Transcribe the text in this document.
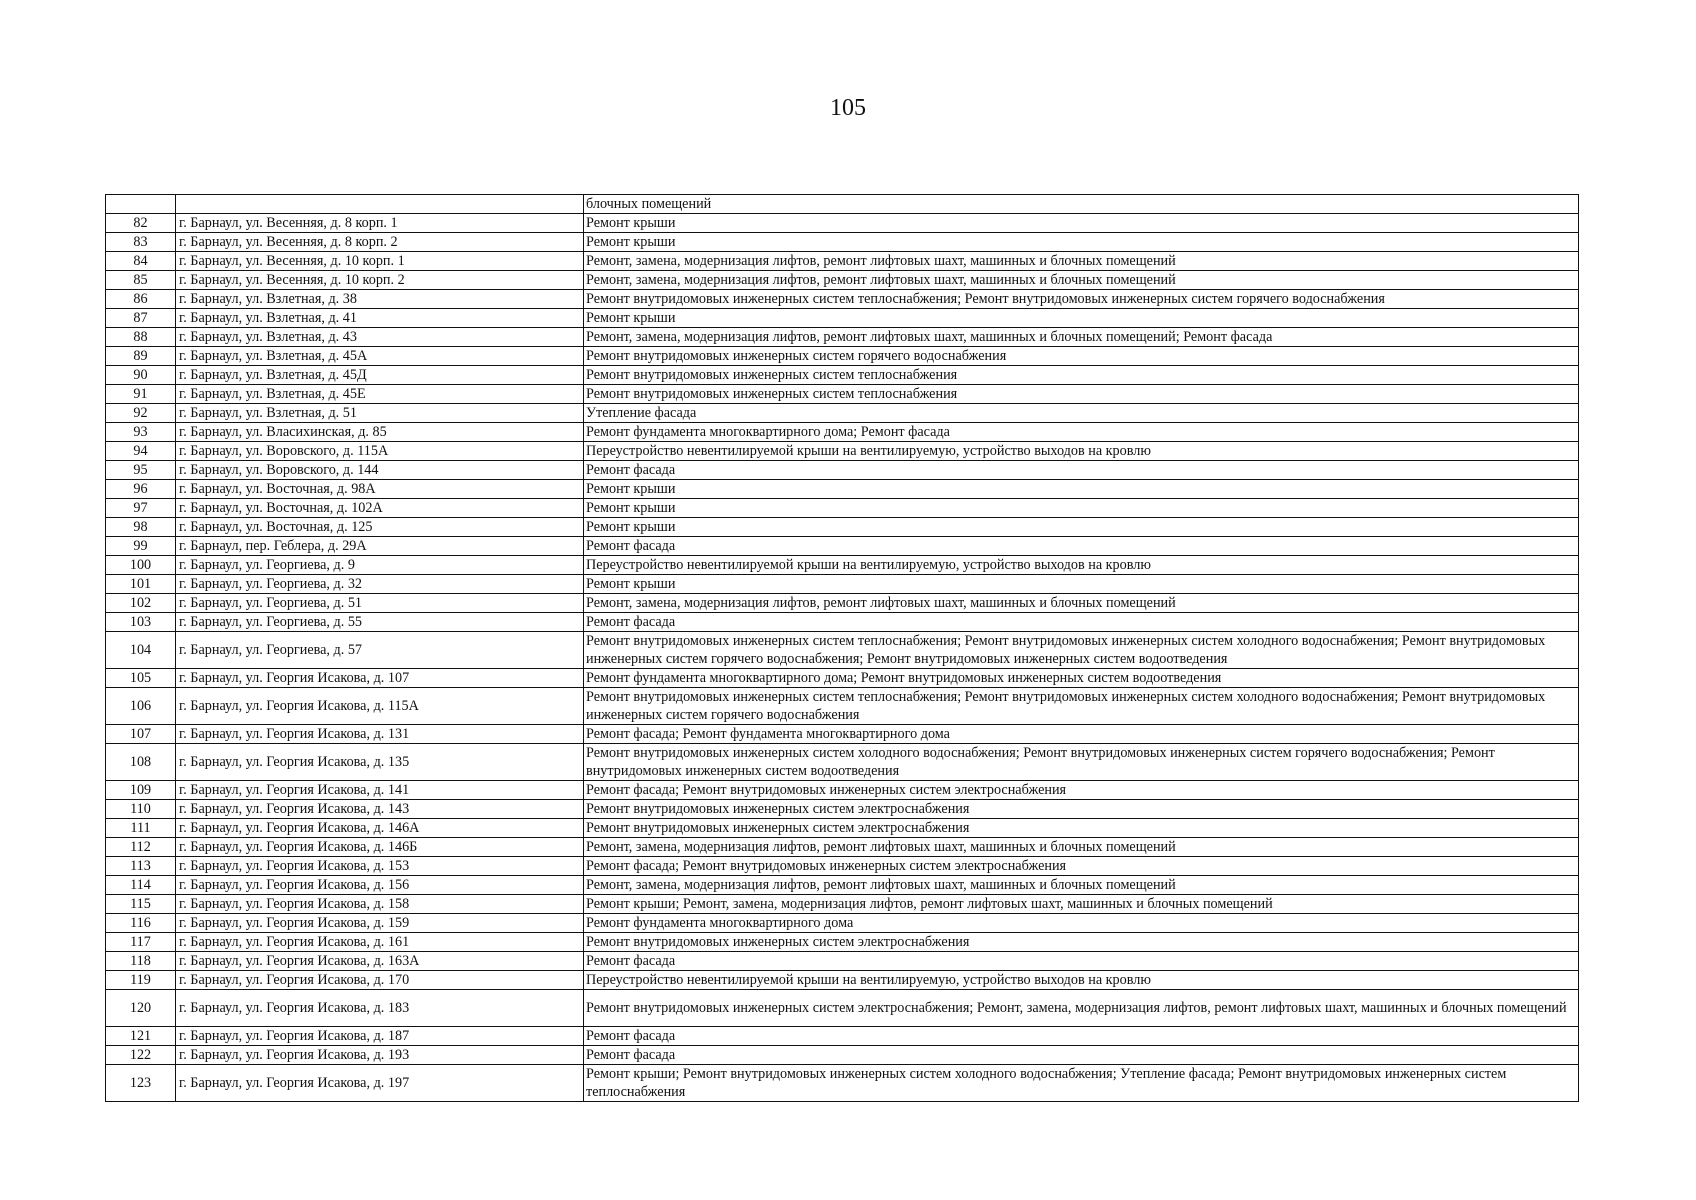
105
		блочных помещений
82	г. Барнаул, ул. Весенняя, д. 8 корп. 1	Ремонт крыши
83	г. Барнаул, ул. Весенняя, д. 8 корп. 2	Ремонт крыши
84	г. Барнаул, ул. Весенняя, д. 10 корп. 1	Ремонт, замена, модернизация лифтов, ремонт лифтовых шахт, машинных и блочных помещений
85	г. Барнаул, ул. Весенняя, д. 10 корп. 2	Ремонт, замена, модернизация лифтов, ремонт лифтовых шахт, машинных и блочных помещений
86	г. Барнаул, ул. Взлетная, д. 38	Ремонт внутридомовых инженерных систем теплоснабжения; Ремонт внутридомовых инженерных систем горячего водоснабжения
87	г. Барнаул, ул. Взлетная, д. 41	Ремонт крыши
88	г. Барнаул, ул. Взлетная, д. 43	Ремонт, замена, модернизация лифтов, ремонт лифтовых шахт, машинных и блочных помещений; Ремонт фасада
89	г. Барнаул, ул. Взлетная, д. 45А	Ремонт внутридомовых инженерных систем горячего водоснабжения
90	г. Барнаул, ул. Взлетная, д. 45Д	Ремонт внутридомовых инженерных систем теплоснабжения
91	г. Барнаул, ул. Взлетная, д. 45Е	Ремонт внутридомовых инженерных систем теплоснабжения
92	г. Барнаул, ул. Взлетная, д. 51	Утепление фасада
93	г. Барнаул, ул. Власихинская, д. 85	Ремонт фундамента многоквартирного дома; Ремонт фасада
94	г. Барнаул, ул. Воровского, д. 115А	Переустройство невентилируемой крыши на вентилируемую, устройство выходов на кровлю
95	г. Барнаул, ул. Воровского, д. 144	Ремонт фасада
96	г. Барнаул, ул. Восточная, д. 98А	Ремонт крыши
97	г. Барнаул, ул. Восточная, д. 102А	Ремонт крыши
98	г. Барнаул, ул. Восточная, д. 125	Ремонт крыши
99	г. Барнаул, пер. Геблера, д. 29А	Ремонт фасада
100	г. Барнаул, ул. Георгиева, д. 9	Переустройство невентилируемой крыши на вентилируемую, устройство выходов на кровлю
101	г. Барнаул, ул. Георгиева, д. 32	Ремонт крыши
102	г. Барнаул, ул. Георгиева, д. 51	Ремонт, замена, модернизация лифтов, ремонт лифтовых шахт, машинных и блочных помещений
103	г. Барнаул, ул. Георгиева, д. 55	Ремонт фасада
104	г. Барнаул, ул. Георгиева, д. 57	Ремонт внутридомовых инженерных систем теплоснабжения; Ремонт внутридомовых инженерных систем холодного водоснабжения; Ремонт внутридомовых инженерных систем горячего водоснабжения; Ремонт внутридомовых инженерных систем водоотведения
105	г. Барнаул, ул. Георгия Исакова, д. 107	Ремонт фундамента многоквартирного дома; Ремонт внутридомовых инженерных систем водоотведения
106	г. Барнаул, ул. Георгия Исакова, д. 115А	Ремонт внутридомовых инженерных систем теплоснабжения; Ремонт внутридомовых инженерных систем холодного водоснабжения; Ремонт внутридомовых инженерных систем горячего водоснабжения
107	г. Барнаул, ул. Георгия Исакова, д. 131	Ремонт фасада; Ремонт фундамента многоквартирного дома
108	г. Барнаул, ул. Георгия Исакова, д. 135	Ремонт внутридомовых инженерных систем холодного водоснабжения; Ремонт внутридомовых инженерных систем горячего водоснабжения; Ремонт внутридомовых инженерных систем водоотведения
109	г. Барнаул, ул. Георгия Исакова, д. 141	Ремонт фасада; Ремонт внутридомовых инженерных систем электроснабжения
110	г. Барнаул, ул. Георгия Исакова, д. 143	Ремонт внутридомовых инженерных систем электроснабжения
111	г. Барнаул, ул. Георгия Исакова, д. 146А	Ремонт внутридомовых инженерных систем электроснабжения
112	г. Барнаул, ул. Георгия Исакова, д. 146Б	Ремонт, замена, модернизация лифтов, ремонт лифтовых шахт, машинных и блочных помещений
113	г. Барнаул, ул. Георгия Исакова, д. 153	Ремонт фасада; Ремонт внутридомовых инженерных систем электроснабжения
114	г. Барнаул, ул. Георгия Исакова, д. 156	Ремонт, замена, модернизация лифтов, ремонт лифтовых шахт, машинных и блочных помещений
115	г. Барнаул, ул. Георгия Исакова, д. 158	Ремонт крыши; Ремонт, замена, модернизация лифтов, ремонт лифтовых шахт, машинных и блочных помещений
116	г. Барнаул, ул. Георгия Исакова, д. 159	Ремонт фундамента многоквартирного дома
117	г. Барнаул, ул. Георгия Исакова, д. 161	Ремонт внутридомовых инженерных систем электроснабжения
118	г. Барнаул, ул. Георгия Исакова, д. 163А	Ремонт фасада
119	г. Барнаул, ул. Георгия Исакова, д. 170	Переустройство невентилируемой крыши на вентилируемую, устройство выходов на кровлю
120	г. Барнаул, ул. Георгия Исакова, д. 183	Ремонт внутридомовых инженерных систем электроснабжения; Ремонт, замена, модернизация лифтов, ремонт лифтовых шахт, машинных и блочных помещений
121	г. Барнаул, ул. Георгия Исакова, д. 187	Ремонт фасада
122	г. Барнаул, ул. Георгия Исакова, д. 193	Ремонт фасада
123	г. Барнаул, ул. Георгия Исакова, д. 197	Ремонт крыши; Ремонт внутридомовых инженерных систем холодного водоснабжения; Утепление фасада; Ремонт внутридомовых инженерных систем теплоснабжения
